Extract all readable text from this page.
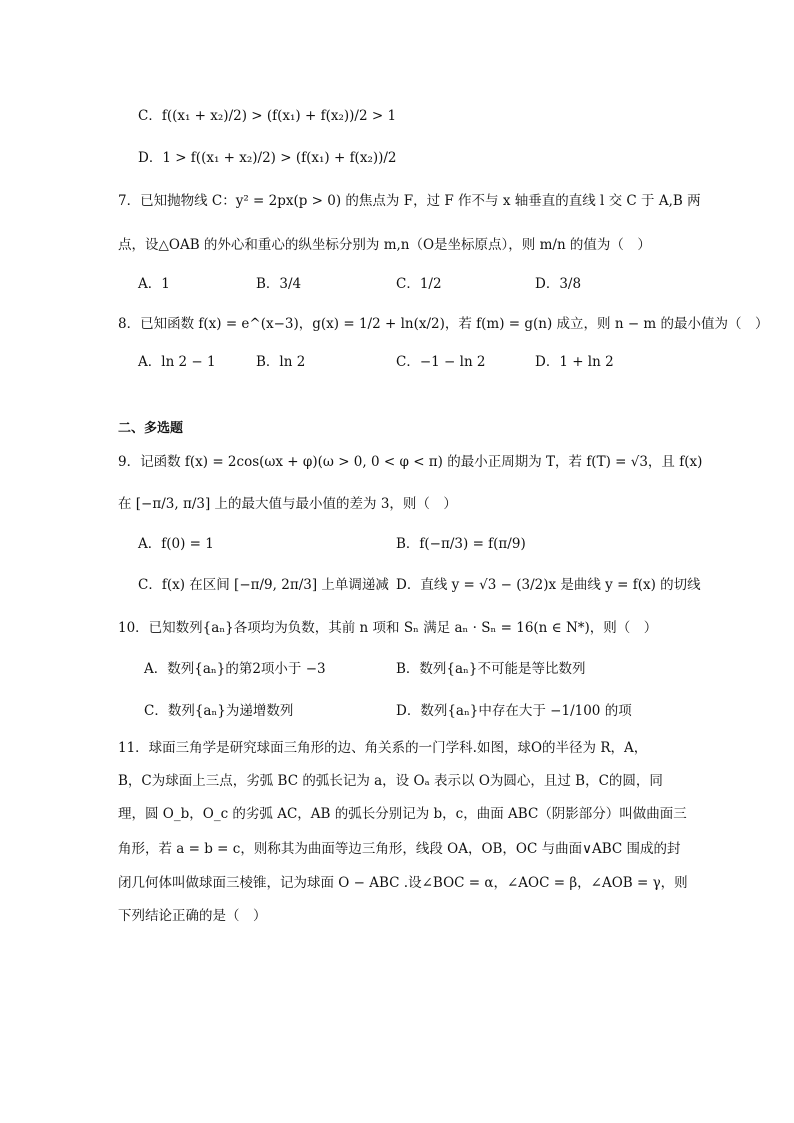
C．f((x₁ + x₂)/2) > (f(x₁) + f(x₂))/2 > 1
D．1 > f((x₁ + x₂)/2) > (f(x₁) + f(x₂))/2
7．已知抛物线 C：y² = 2px(p > 0) 的焦点为 F，过 F 作不与 x 轴垂直的直线 l 交 C 于 A,B 两
点，设△OAB 的外心和重心的纵坐标分别为 m,n（O是坐标原点），则 m/n 的值为（　）
A．1	B．3/4	C．1/2	D．3/8
8．已知函数 f(x) = e^(x−3)，g(x) = 1/2 + ln(x/2)，若 f(m) = g(n) 成立，则 n − m 的最小值为（　）
A．ln 2 − 1	B．ln 2	C．−1 − ln 2	D．1 + ln 2
二、多选题
9．记函数 f(x) = 2cos(ωx + φ)(ω > 0, 0 < φ < π) 的最小正周期为 T，若 f(T) = √3，且 f(x)
在 [−π/3, π/3] 上的最大值与最小值的差为 3，则（　）
A．f(0) = 1	B．f(−π/3) = f(π/9)
C．f(x) 在区间 [−π/9, 2π/3] 上单调递减 D．直线 y = √3 − (3/2)x 是曲线 y = f(x) 的切线
10．已知数列{aₙ}各项均为负数，其前 n 项和 Sₙ 满足 aₙ · Sₙ = 16(n ∈ N*)，则（　）
A．数列{aₙ}的第2项小于 −3	B．数列{aₙ}不可能是等比数列
C．数列{aₙ}为递增数列	D．数列{aₙ}中存在大于 −1/100 的项
11．球面三角学是研究球面三角形的边、角关系的一门学科.如图，球O的半径为 R，A，
B，C为球面上三点，劣弧 BC 的弧长记为 a，设 Oₐ 表示以 O为圆心，且过 B，C的圆，同
理，圆 O_b，O_c 的劣弧 AC，AB 的弧长分别记为 b，c，曲面 ABC（阴影部分）叫做曲面三
角形，若 a = b = c，则称其为曲面等边三角形，线段 OA，OB，OC 与曲面∨ABC 围成的封
闭几何体叫做球面三棱锥，记为球面 O − ABC .设∠BOC = α，∠AOC = β，∠AOB = γ，则
下列结论正确的是（　）
